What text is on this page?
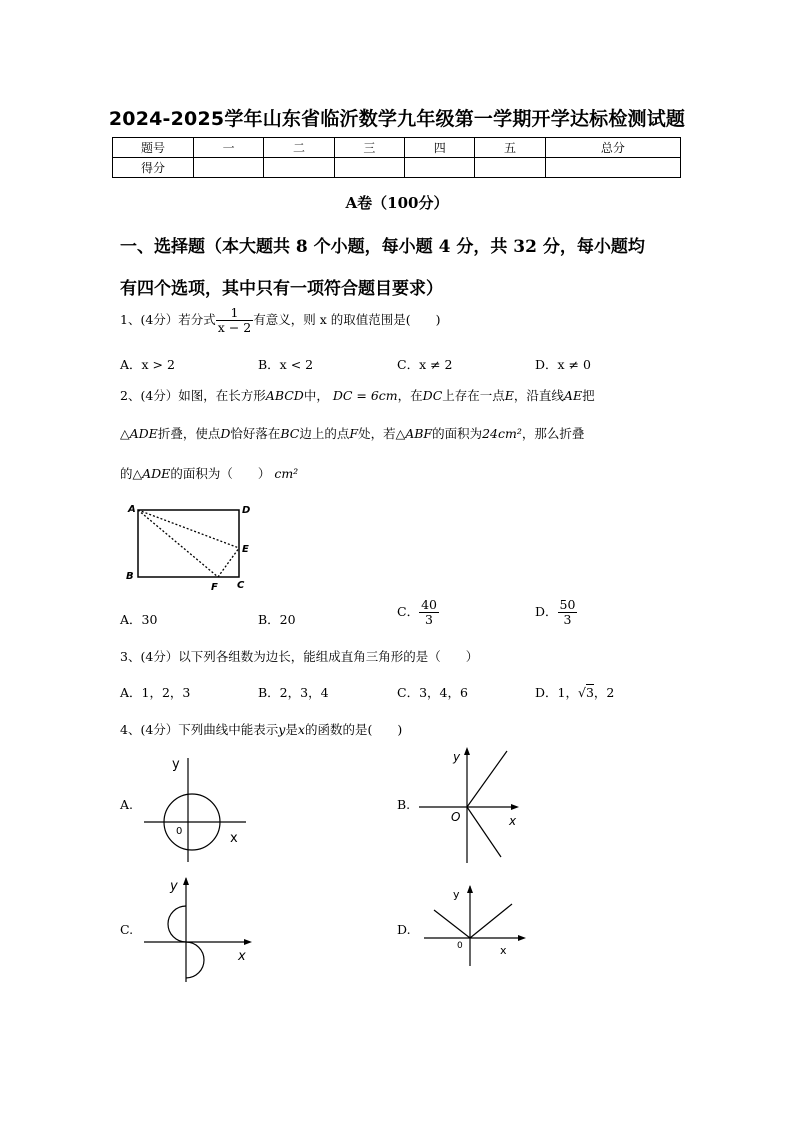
2024-2025学年山东省临沂数学九年级第一学期开学达标检测试题
题号	一	二	三	四	五	总分
得分						
A卷（100分）
一、选择题（本大题共 8 个小题，每小题 4 分，共 32 分，每小题均
有四个选项，其中只有一项符合题目要求）
1、(4分）若分式 $\frac{1}{x - 2}$ 有意义，则 x 的取值范围是(　　)
A．x > 2	B．x < 2	C．x ≠ 2	D．x ≠ 0
2、(4分）如图，在长方形ABCD中， DC = 6cm，在DC上存在一点E，沿直线AE把
△ADE折叠，使点D恰好落在BC边上的点F处，若△ABF的面积为24cm²，那么折叠
的△ADE的面积为（　　） cm²
A	D
E
B
F C
A．30	B．20
C． $\frac{40}{3}$	D． $\frac{50}{3}$
3、(4分）以下列各组数为边长，能组成直角三角形的是（　　）
A．1，2，3	B．2，3，4	C．3，4，6	D．1，√3，2
4、(4分）下列曲线中能表示y是x的函数的是(　　)
A.
y
x
0
B.
y
x
O
C.
y
x
D.
y
x
0
